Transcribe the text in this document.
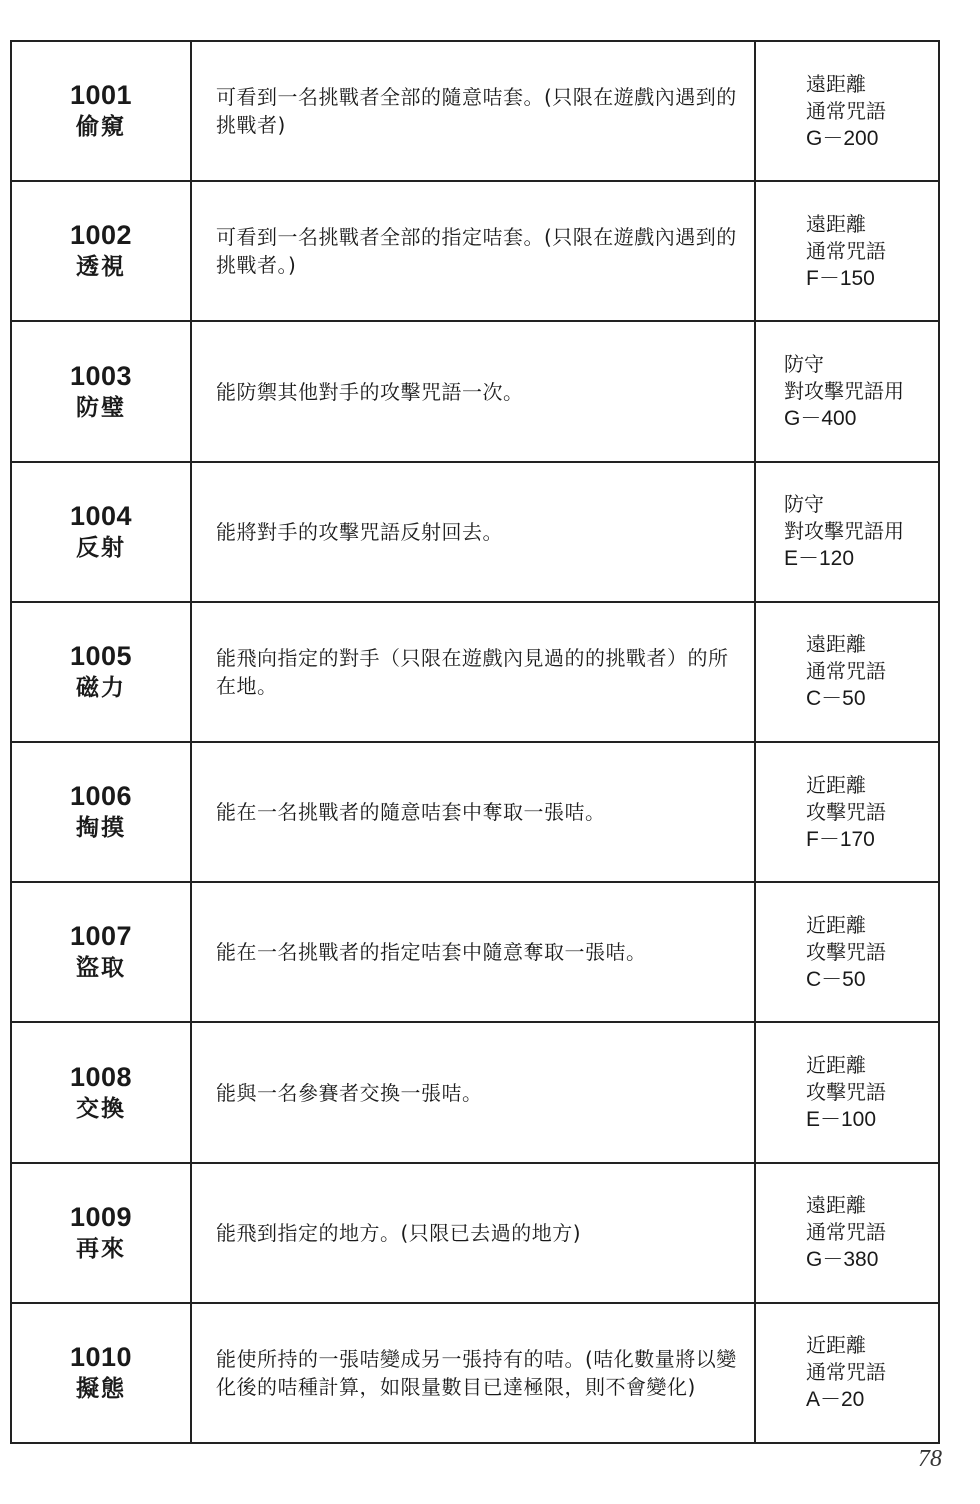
1001
偷窺
可看到一名挑戰者全部的隨意咭套。(只限在遊戲內遇到的挑戰者)
遠距離
通常咒語
G－200
1002
透視
可看到一名挑戰者全部的指定咭套。(只限在遊戲內遇到的挑戰者。)
遠距離
通常咒語
F－150
1003
防璧
能防禦其他對手的攻擊咒語一次。
防守
對攻擊咒語用
G－400
1004
反射
能將對手的攻擊咒語反射回去。
防守
對攻擊咒語用
E－120
1005
磁力
能飛向指定的對手（只限在遊戲內見過的的挑戰者）的所在地。
遠距離
通常咒語
C－50
1006
掏摸
能在一名挑戰者的隨意咭套中奪取一張咭。
近距離
攻擊咒語
F－170
1007
盜取
能在一名挑戰者的指定咭套中隨意奪取一張咭。
近距離
攻擊咒語
C－50
1008
交換
能與一名參賽者交換一張咭。
近距離
攻擊咒語
E－100
1009
再來
能飛到指定的地方。(只限已去過的地方)
遠距離
通常咒語
G－380
1010
擬態
能使所持的一張咭變成另一張持有的咭。(咭化數量將以變化後的咭種計算，如限量數目已達極限，則不會變化)
近距離
通常咒語
A－20
78
